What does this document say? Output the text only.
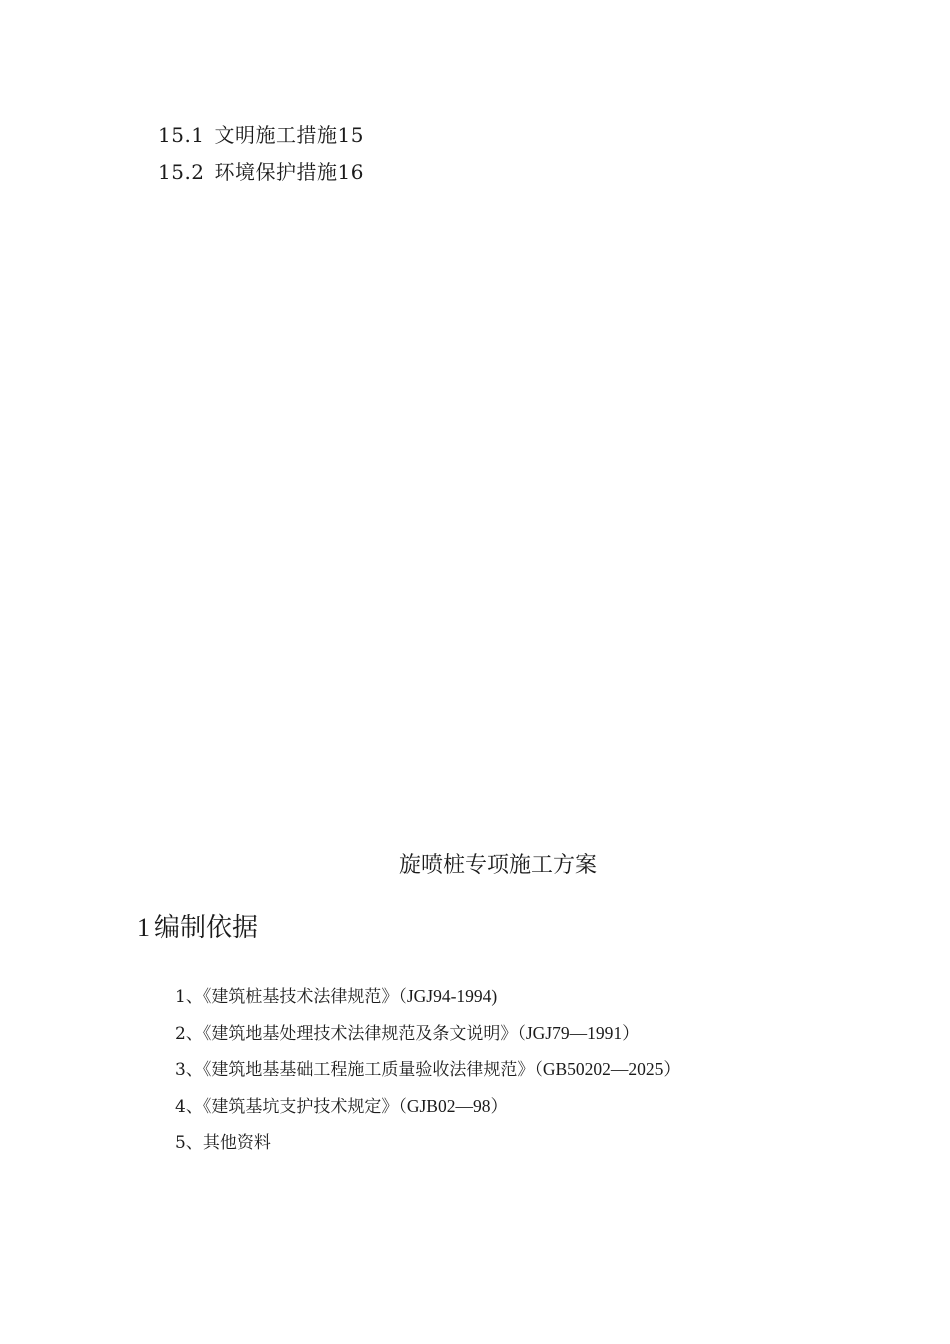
15.1 文明施工措施15
15.2 环境保护措施16
旋喷桩专项施工方案
1 编制依据
1、《建筑桩基技术法律规范》（JGJ94-1994)
2、《建筑地基处理技术法律规范及条文说明》（JGJ79—1991）
3、《建筑地基基础工程施工质量验收法律规范》（GB50202—2025）
4、《建筑基坑支护技术规定》（GJB02—98）
5、其他资料
